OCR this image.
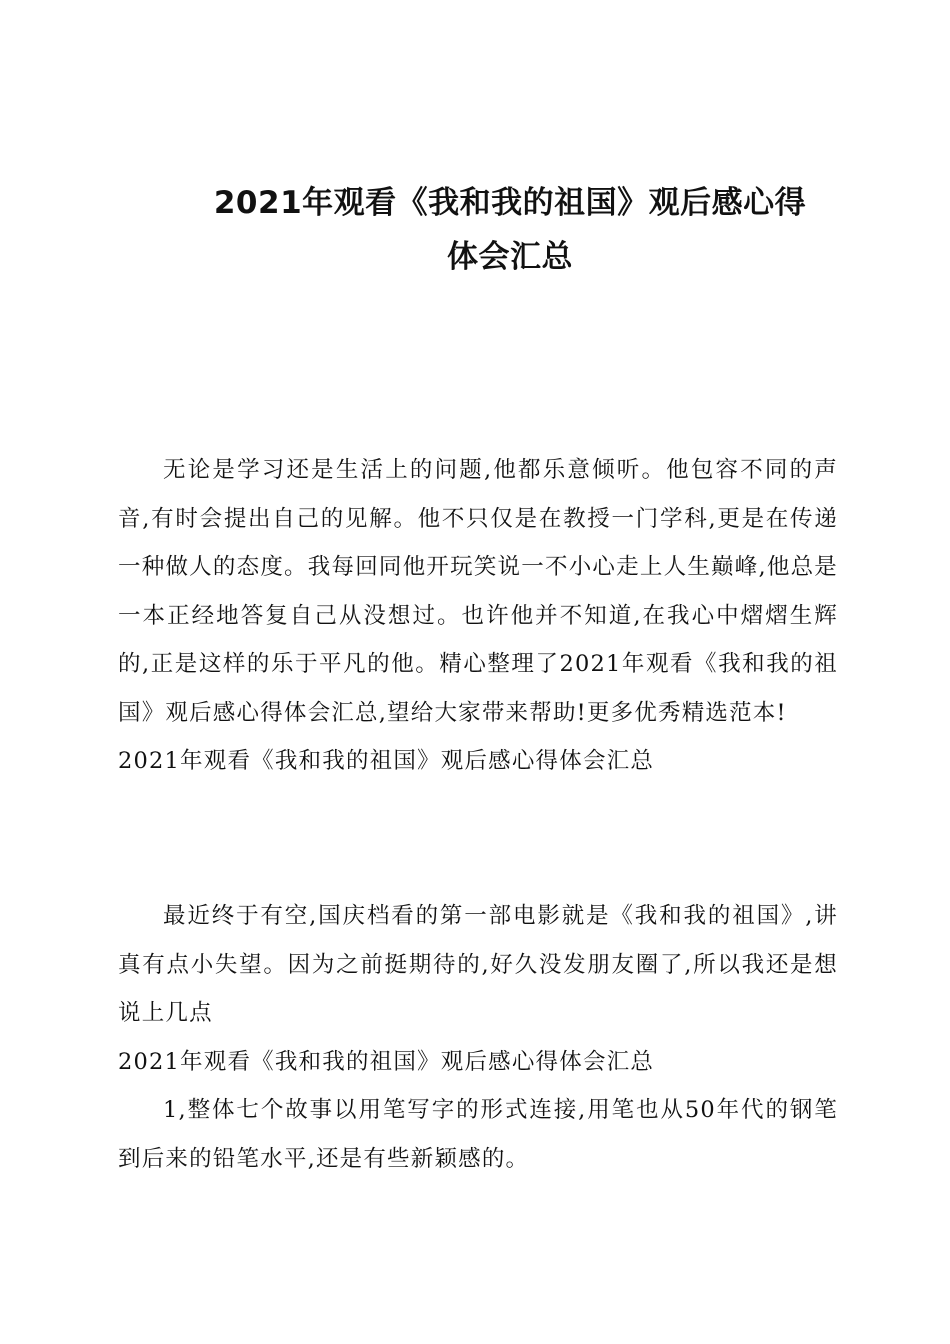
2021年观看《我和我的祖国》观后感心得
体会汇总

无论是学习还是生活上的问题,他都乐意倾听。他包容不同的声音,有时会提出自己的见解。他不只仅是在教授一门学科,更是在传递一种做人的态度。我每回同他开玩笑说一不小心走上人生巅峰,他总是一本正经地答复自己从没想过。也许他并不知道,在我心中熠熠生辉的,正是这样的乐于平凡的他。精心整理了2021年观看《我和我的祖国》观后感心得体会汇总,望给大家带来帮助!更多优秀精选范本!

2021年观看《我和我的祖国》观后感心得体会汇总

最近终于有空,国庆档看的第一部电影就是《我和我的祖国》,讲真有点小失望。因为之前挺期待的,好久没发朋友圈了,所以我还是想说上几点

2021年观看《我和我的祖国》观后感心得体会汇总

1,整体七个故事以用笔写字的形式连接,用笔也从50年代的钢笔到后来的铅笔水平,还是有些新颖感的。
